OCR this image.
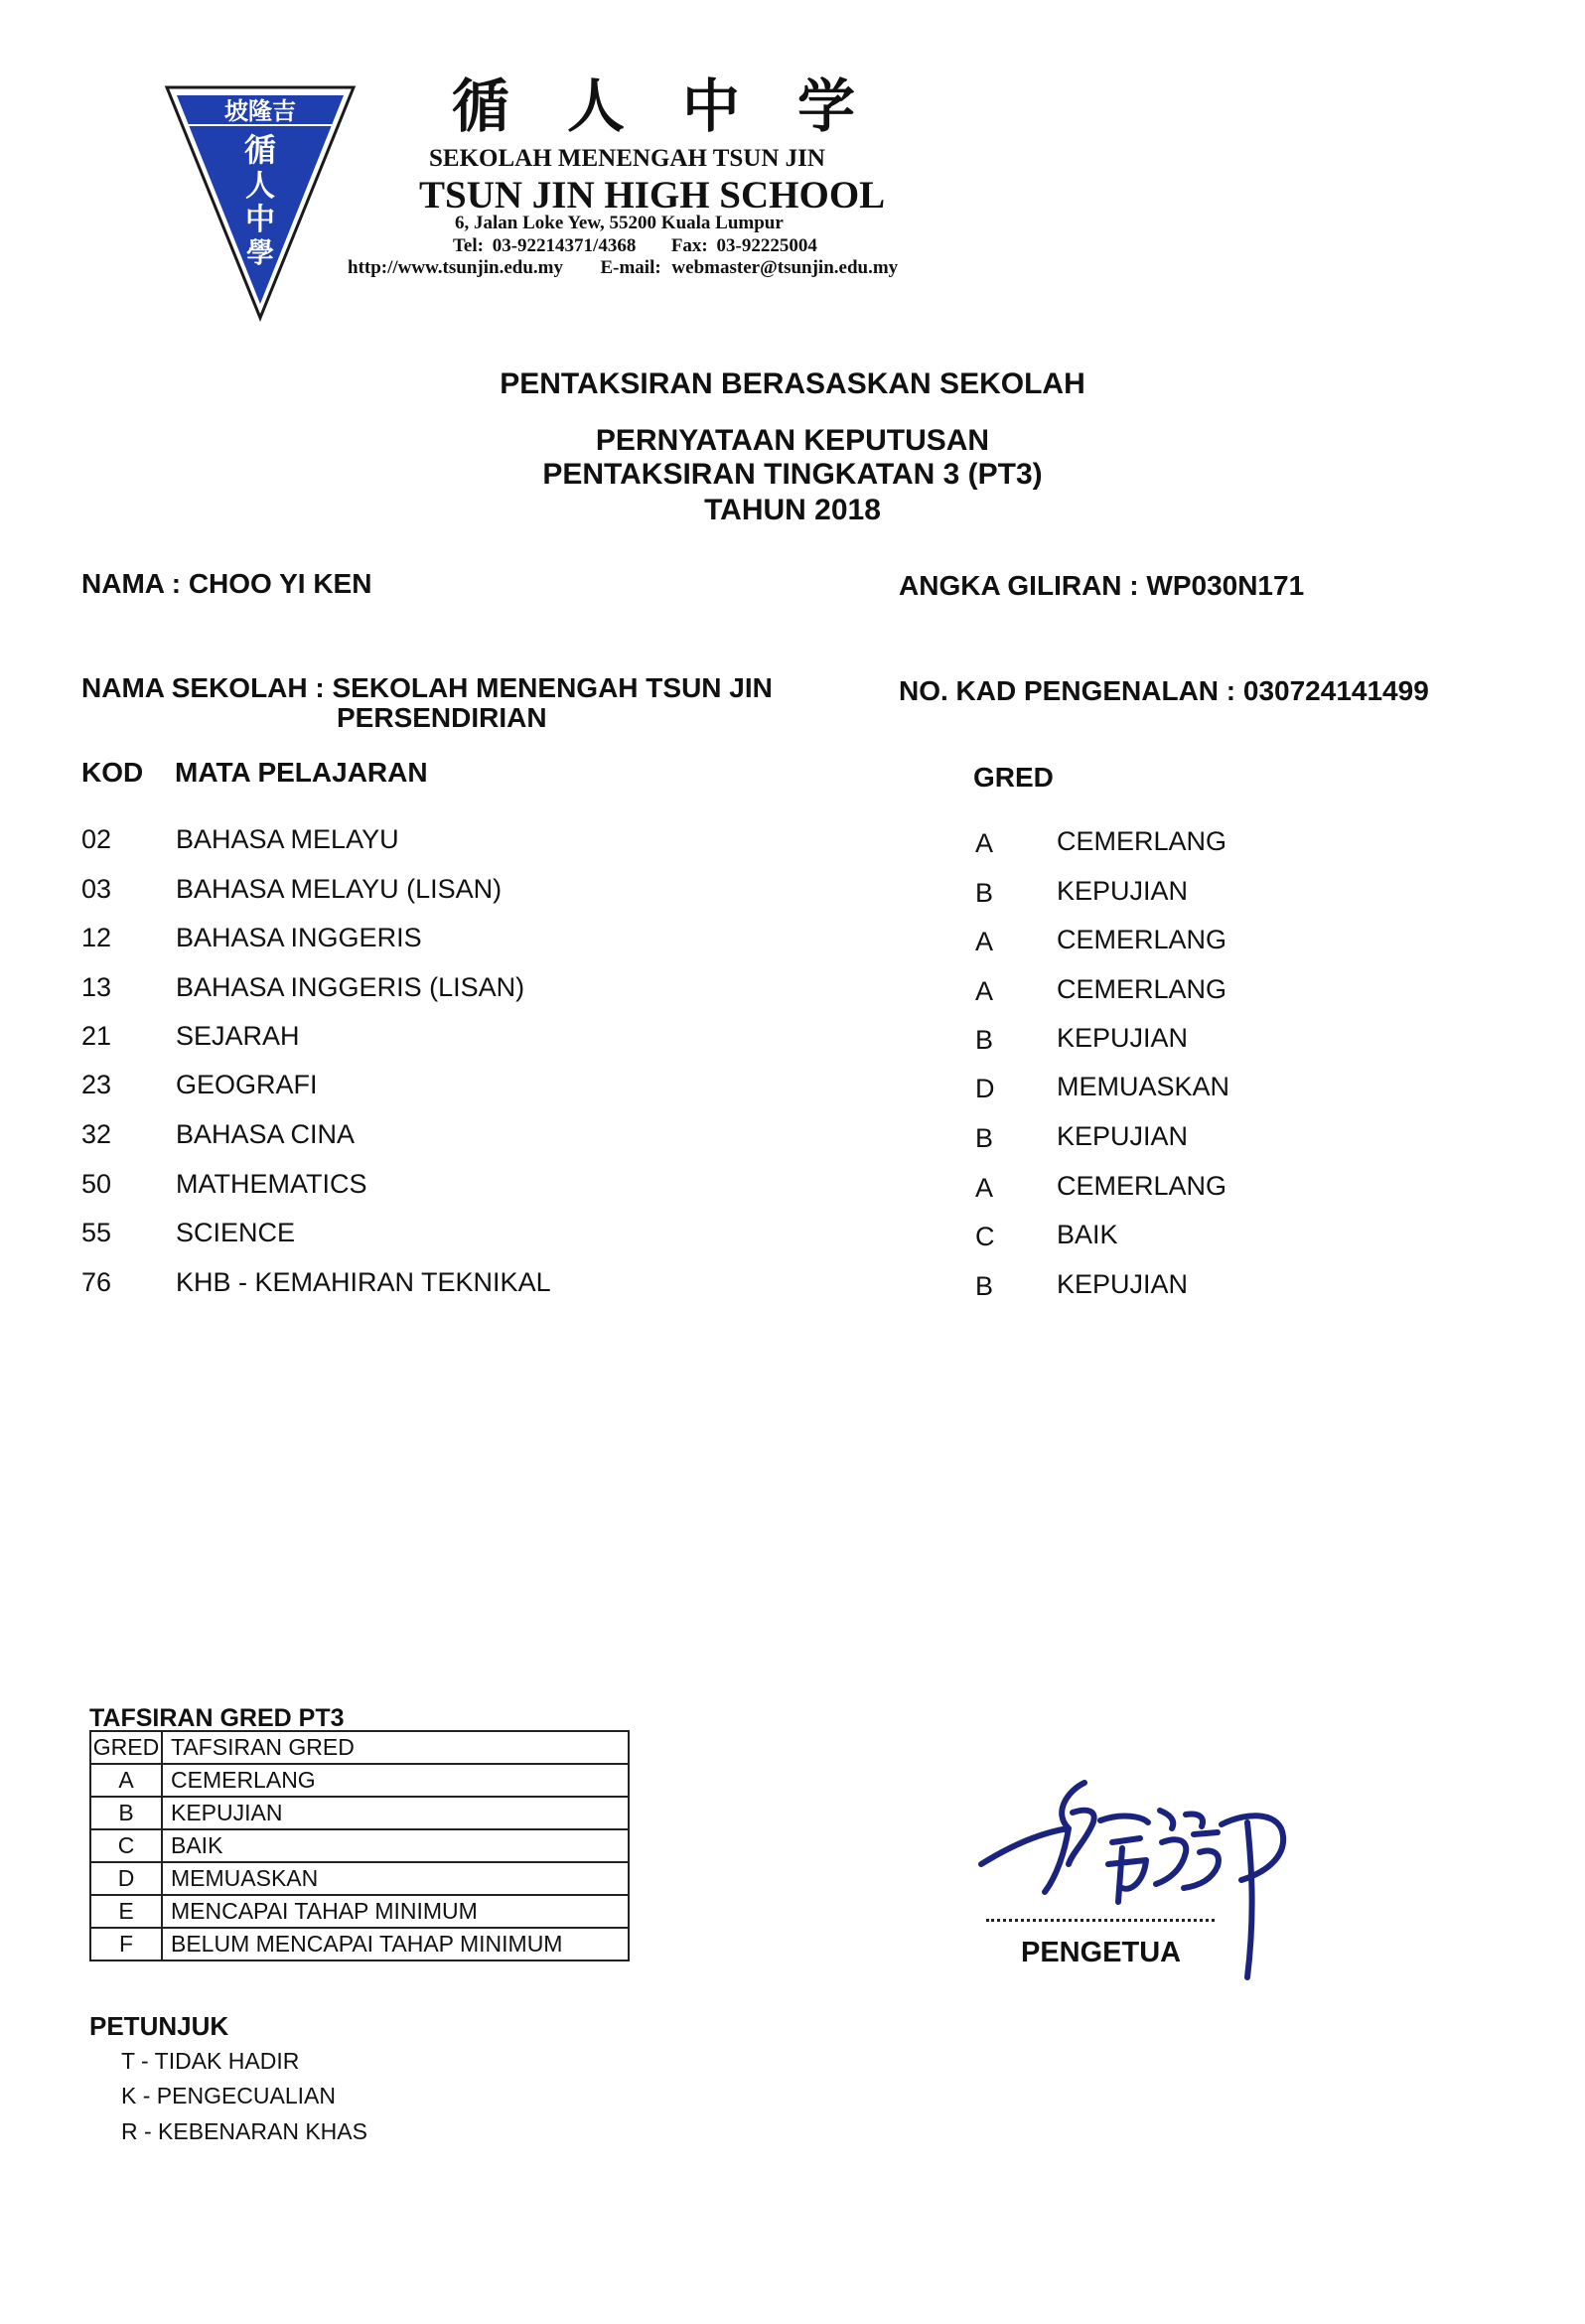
坡隆吉
循
人
中
學
循人中学
SEKOLAH MENENGAH TSUN JIN
TSUN JIN HIGH SCHOOL
6, Jalan Loke Yew, 55200 Kuala Lumpur
Tel: 03-92214371/4368 Fax: 03-92225004
http://www.tsunjin.edu.my E-mail: webmaster@tsunjin.edu.my
PENTAKSIRAN BERASASKAN SEKOLAH
PERNYATAAN KEPUTUSAN
PENTAKSIRAN TINGKATAN 3 (PT3)
TAHUN 2018
NAMA : CHOO YI KEN	ANGKA GILIRAN : WP030N171
NAMA SEKOLAH : SEKOLAH MENENGAH TSUN JIN
PERSENDIRIAN
NO. KAD PENGENALAN : 030724141499
KOD MATA PELAJARAN	GRED
02 BAHASA MELAYU	A CEMERLANG
03 BAHASA MELAYU (LISAN)	B KEPUJIAN
12 BAHASA INGGERIS	A CEMERLANG
13 BAHASA INGGERIS (LISAN)	A CEMERLANG
21 SEJARAH	B KEPUJIAN
23 GEOGRAFI	D MEMUASKAN
32 BAHASA CINA	B KEPUJIAN
50 MATHEMATICS	A CEMERLANG
55 SCIENCE	C BAIK
76 KHB - KEMAHIRAN TEKNIKAL	B KEPUJIAN
TAFSIRAN GRED PT3
GRED	TAFSIRAN GRED
A	CEMERLANG
B	KEPUJIAN
C	BAIK
D	MEMUASKAN
E	MENCAPAI TAHAP MINIMUM
F	BELUM MENCAPAI TAHAP MINIMUM
PETUNJUK
T - TIDAK HADIR
K - PENGECUALIAN
R - KEBENARAN KHAS
PENGETUA
